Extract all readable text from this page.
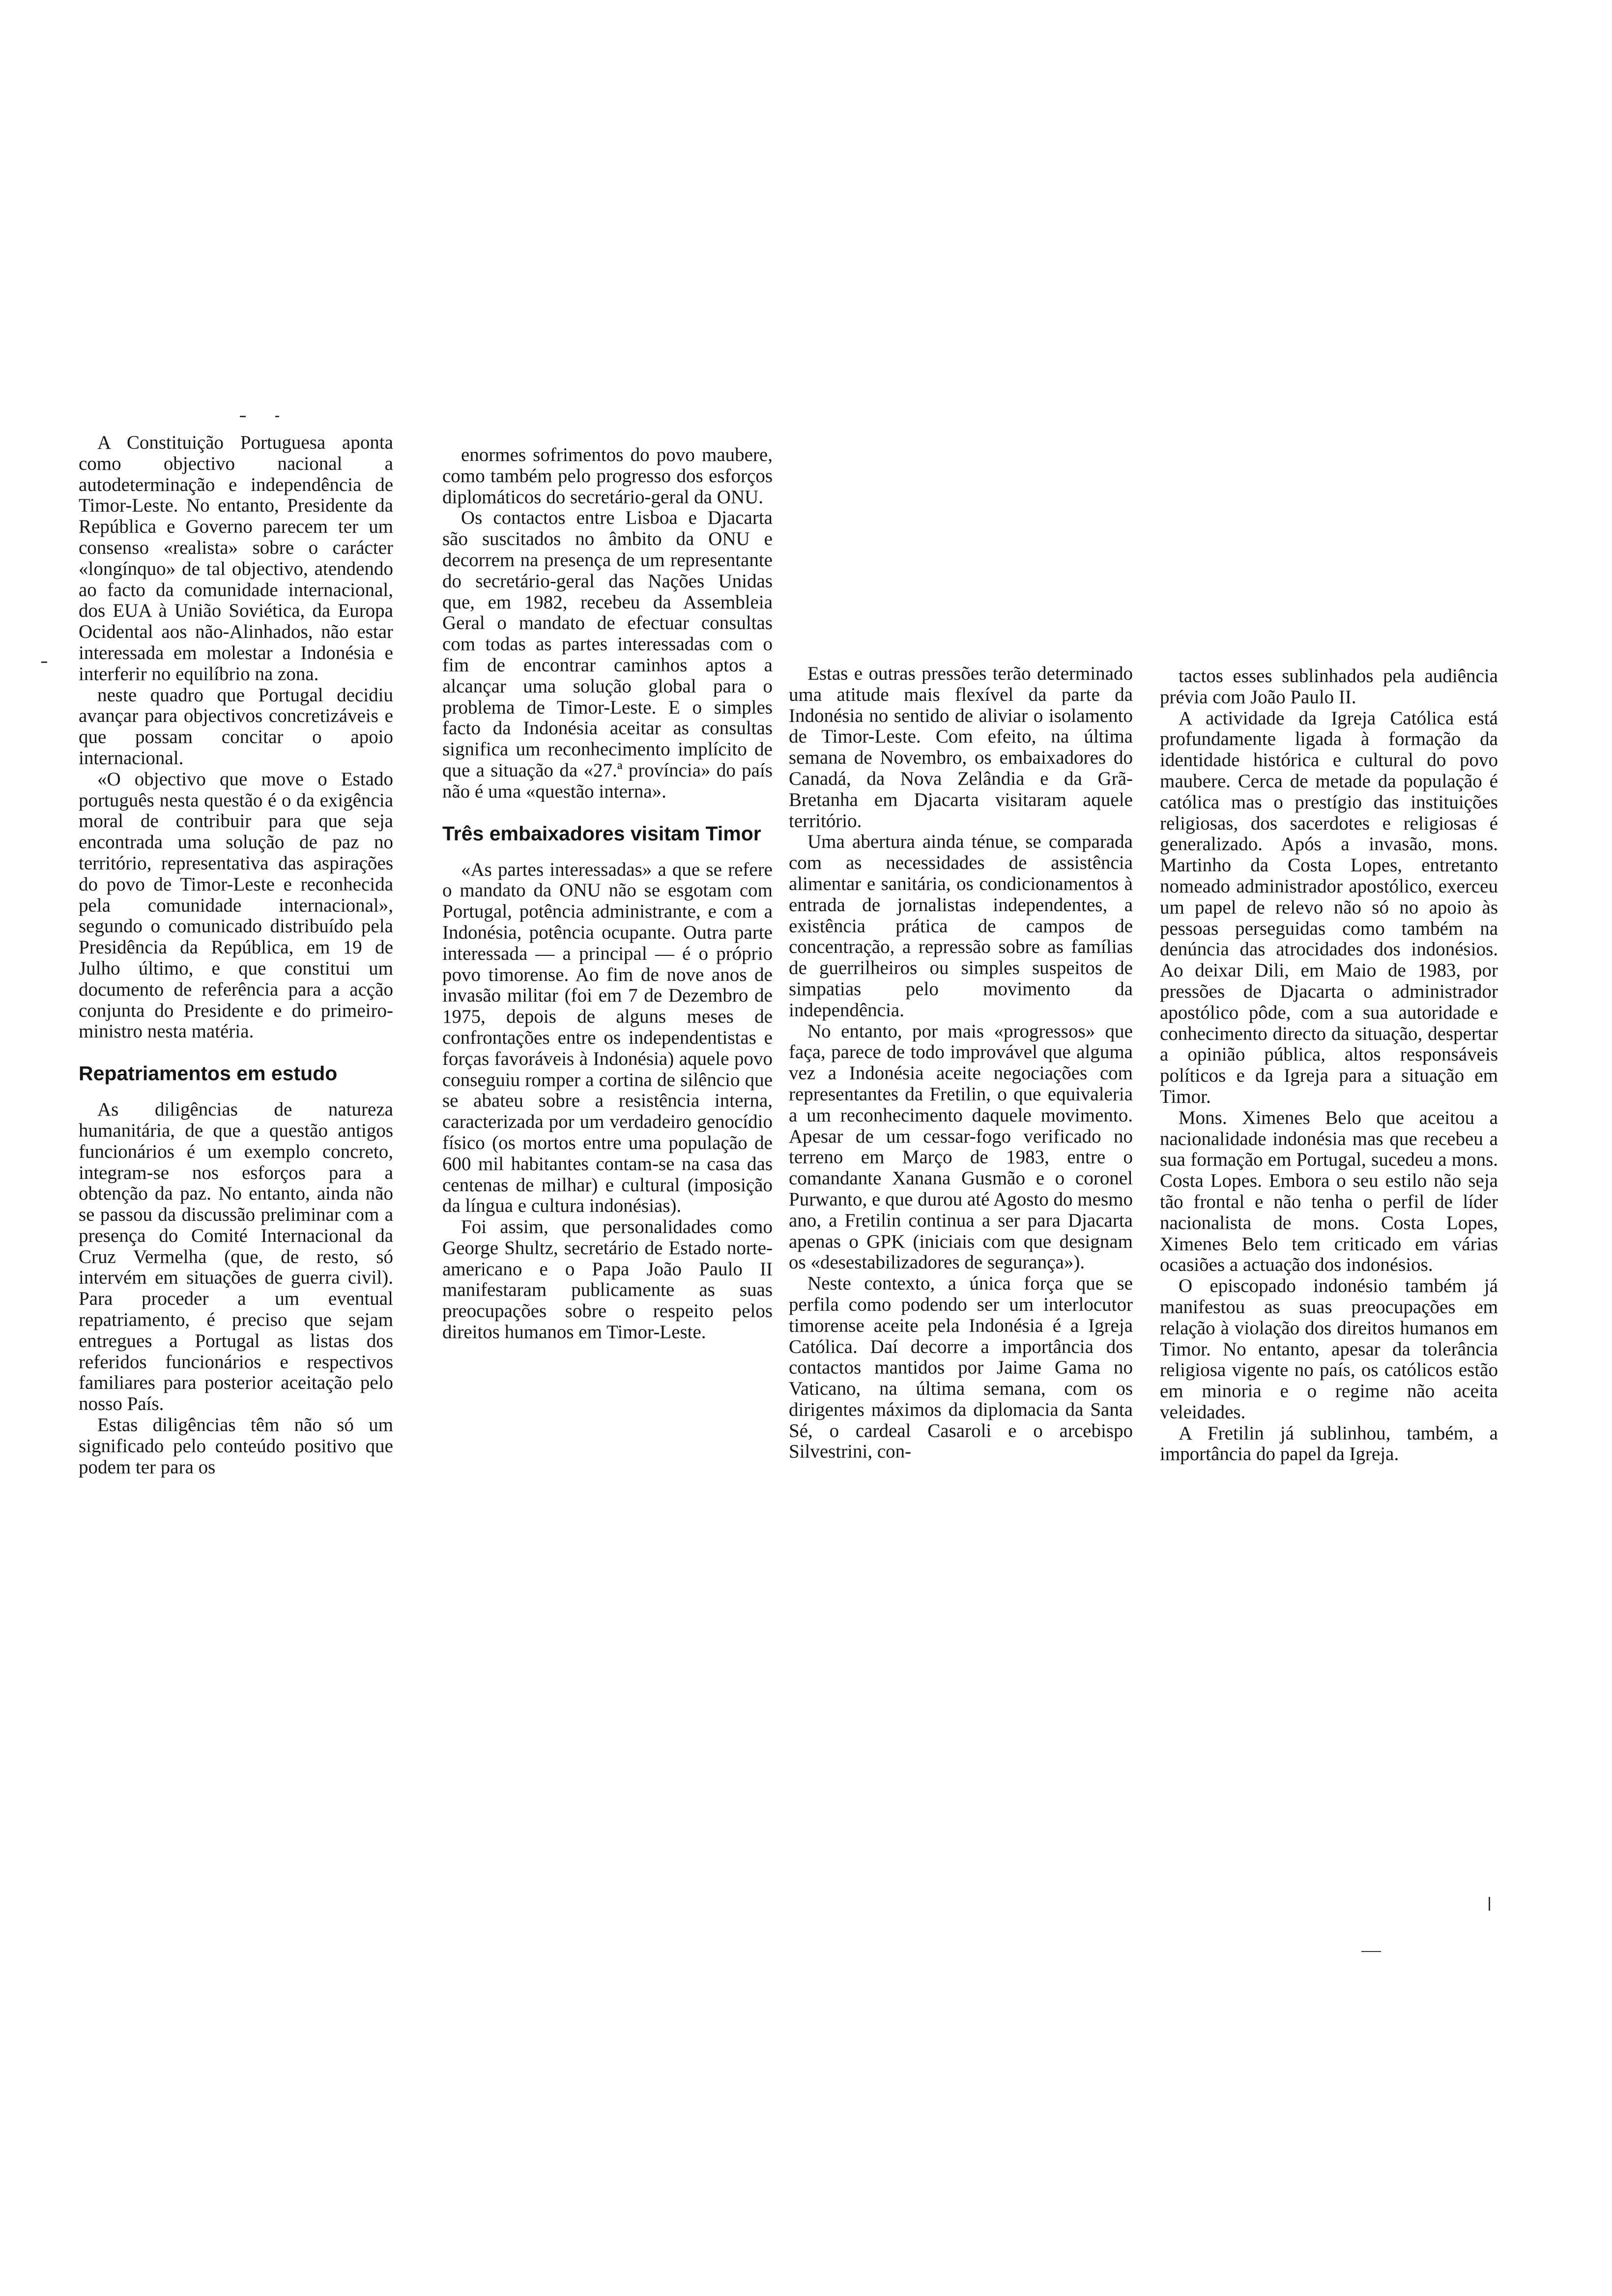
A Constituição Portuguesa aponta como objectivo nacional a autodeterminação e independência de Timor-Leste. No entanto, Presidente da República e Governo parecem ter um consenso «realista» sobre o carácter «longínquo» de tal objectivo, atendendo ao facto da comunidade internacional, dos EUA à União Soviética, da Europa Ocidental aos não-Alinhados, não estar interessada em molestar a Indonésia e interferir no equilíbrio na zona.

neste quadro que Portugal decidiu avançar para objectivos concretizáveis e que possam concitar o apoio internacional.

«O objectivo que move o Estado português nesta questão é o da exigência moral de contribuir para que seja encontrada uma solução de paz no território, representativa das aspirações do povo de Timor-Leste e reconhecida pela comunidade internacional», segundo o comunicado distribuído pela Presidência da República, em 19 de Julho último, e que constitui um documento de referência para a acção conjunta do Presidente e do primeiro-ministro nesta matéria.

Repatriamentos em estudo

As diligências de natureza humanitária, de que a questão antigos funcionários é um exemplo concreto, integram-se nos esforços para a obtenção da paz. No entanto, ainda não se passou da discussão preliminar com a presença do Comité Internacional da Cruz Vermelha (que, de resto, só intervém em situações de guerra civil). Para proceder a um eventual repatriamento, é preciso que sejam entregues a Portugal as listas dos referidos funcionários e respectivos familiares para posterior aceitação pelo nosso País.

Estas diligências têm não só um significado pelo conteúdo positivo que podem ter para os

enormes sofrimentos do povo maubere, como também pelo progresso dos esforços diplomáticos do secretário-geral da ONU.

Os contactos entre Lisboa e Djacarta são suscitados no âmbito da ONU e decorrem na presença de um representante do secretário-geral das Nações Unidas que, em 1982, recebeu da Assembleia Geral o mandato de efectuar consultas com todas as partes interessadas com o fim de encontrar caminhos aptos a alcançar uma solução global para o problema de Timor-Leste. E o simples facto da Indonésia aceitar as consultas significa um reconhecimento implícito de que a situação da «27.ª província» do país não é uma «questão interna».

Três embaixadores visitam Timor

«As partes interessadas» a que se refere o mandato da ONU não se esgotam com Portugal, potência administrante, e com a Indonésia, potência ocupante. Outra parte interessada — a principal — é o próprio povo timorense. Ao fim de nove anos de invasão militar (foi em 7 de Dezembro de 1975, depois de alguns meses de confrontações entre os independentistas e forças favoráveis à Indonésia) aquele povo conseguiu romper a cortina de silêncio que se abateu sobre a resistência interna, caracterizada por um verdadeiro genocídio físico (os mortos entre uma população de 600 mil habitantes contam-se na casa das centenas de milhar) e cultural (imposição da língua e cultura indonésias).

Foi assim, que personalidades como George Shultz, secretário de Estado norte-americano e o Papa João Paulo II manifestaram publicamente as suas preocupações sobre o respeito pelos direitos humanos em Timor-Leste.

Estas e outras pressões terão determinado uma atitude mais flexível da parte da Indonésia no sentido de aliviar o isolamento de Timor-Leste. Com efeito, na última semana de Novembro, os embaixadores do Canadá, da Nova Zelândia e da Grã-Bretanha em Djacarta visitaram aquele território.

Uma abertura ainda ténue, se comparada com as necessidades de assistência alimentar e sanitária, os condicionamentos à entrada de jornalistas independentes, a existência prática de campos de concentração, a repressão sobre as famílias de guerrilheiros ou simples suspeitos de simpatias pelo movimento da independência.

No entanto, por mais «progressos» que faça, parece de todo improvável que alguma vez a Indonésia aceite negociações com representantes da Fretilin, o que equivaleria a um reconhecimento daquele movimento. Apesar de um cessar-fogo verificado no terreno em Março de 1983, entre o comandante Xanana Gusmão e o coronel Purwanto, e que durou até Agosto do mesmo ano, a Fretilin continua a ser para Djacarta apenas o GPK (iniciais com que designam os «desestabilizadores de segurança»).

Neste contexto, a única força que se perfila como podendo ser um interlocutor timorense aceite pela Indonésia é a Igreja Católica. Daí decorre a importância dos contactos mantidos por Jaime Gama no Vaticano, na última semana, com os dirigentes máximos da diplomacia da Santa Sé, o cardeal Casaroli e o arcebispo Silvestrini, con-

tactos esses sublinhados pela audiência prévia com João Paulo II.

A actividade da Igreja Católica está profundamente ligada à formação da identidade histórica e cultural do povo maubere. Cerca de metade da população é católica mas o prestígio das instituições religiosas, dos sacerdotes e religiosas é generalizado. Após a invasão, mons. Martinho da Costa Lopes, entretanto nomeado administrador apostólico, exerceu um papel de relevo não só no apoio às pessoas perseguidas como também na denúncia das atrocidades dos indonésios. Ao deixar Dili, em Maio de 1983, por pressões de Djacarta o administrador apostólico pôde, com a sua autoridade e conhecimento directo da situação, despertar a opinião pública, altos responsáveis políticos e da Igreja para a situação em Timor.

Mons. Ximenes Belo que aceitou a nacionalidade indonésia mas que recebeu a sua formação em Portugal, sucedeu a mons. Costa Lopes. Embora o seu estilo não seja tão frontal e não tenha o perfil de líder nacionalista de mons. Costa Lopes, Ximenes Belo tem criticado em várias ocasiões a actuação dos indonésios.

O episcopado indonésio também já manifestou as suas preocupações em relação à violação dos direitos humanos em Timor. No entanto, apesar da tolerância religiosa vigente no país, os católicos estão em minoria e o regime não aceita veleidades.

A Fretilin já sublinhou, também, a importância do papel da Igreja.
